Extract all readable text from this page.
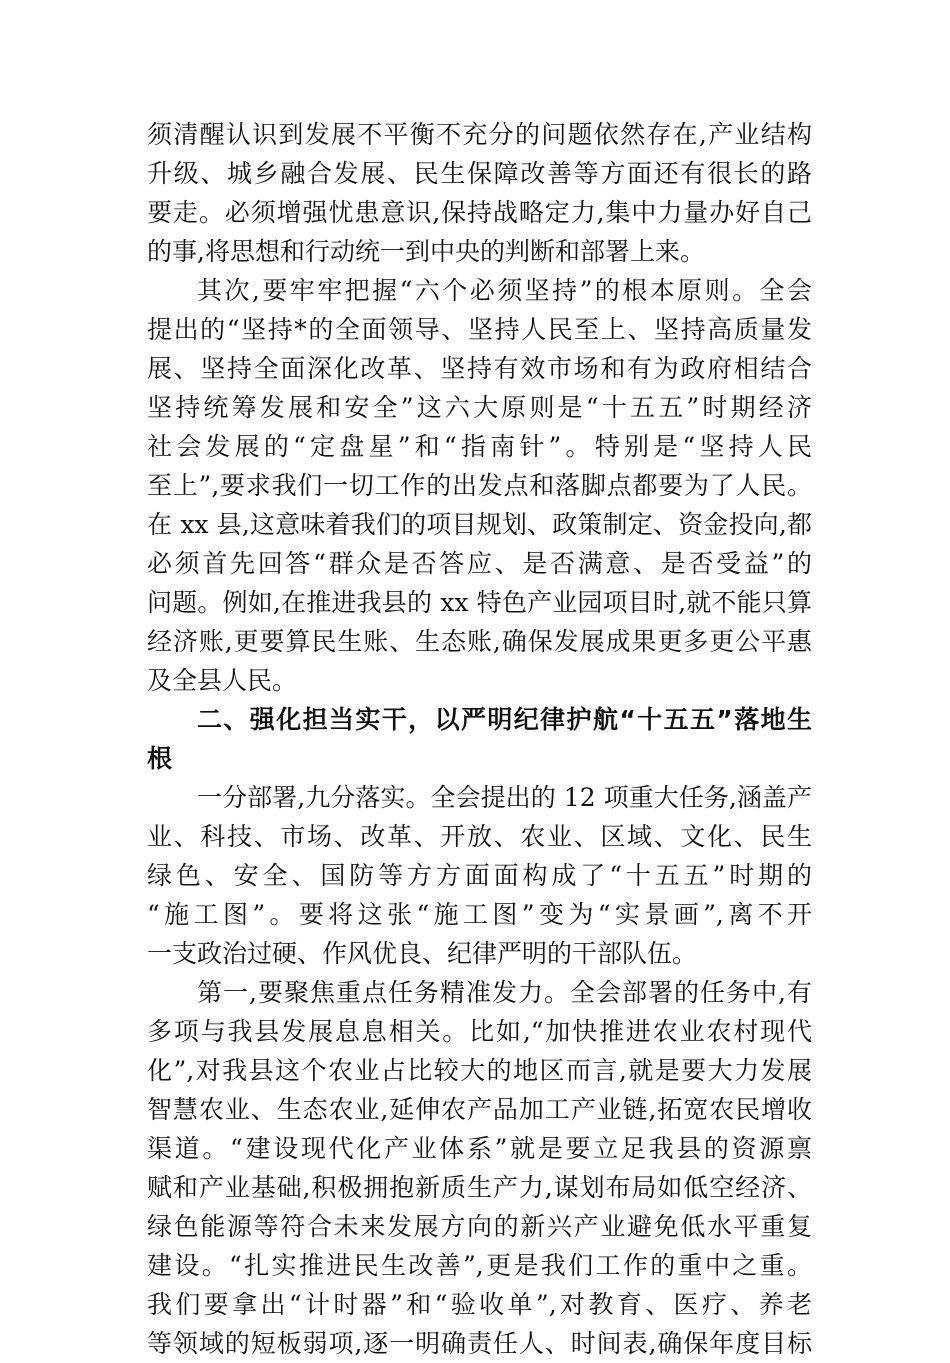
须清醒认识到发展不平衡不充分的问题依然存在,产业结构
升级、城乡融合发展、民生保障改善等方面还有很长的路
要走。必须增强忧患意识,保持战略定力,集中力量办好自己
的事,将思想和行动统一到中央的判断和部署上来。
其次,要牢牢把握“六个必须坚持”的根本原则。全会
提出的“坚持*的全面领导、坚持人民至上、坚持高质量发
展、坚持全面深化改革、坚持有效市场和有为政府相结合
坚持统筹发展和安全”这六大原则是“十五五”时期经济
社会发展的“定盘星”和“指南针”。特别是“坚持人民
至上”,要求我们一切工作的出发点和落脚点都要为了人民。
在 xx 县,这意味着我们的项目规划、政策制定、资金投向,都
必须首先回答“群众是否答应、是否满意、是否受益”的
问题。例如,在推进我县的 xx 特色产业园项目时,就不能只算
经济账,更要算民生账、生态账,确保发展成果更多更公平惠
及全县人民。
二、强化担当实干，以严明纪律护航“十五五”落地生
根
一分部署,九分落实。全会提出的 12 项重大任务,涵盖产
业、科技、市场、改革、开放、农业、区域、文化、民生
绿色、安全、国防等方方面面构成了“十五五”时期的
“施工图”。要将这张“施工图”变为“实景画”,离不开
一支政治过硬、作风优良、纪律严明的干部队伍。
第一,要聚焦重点任务精准发力。全会部署的任务中,有
多项与我县发展息息相关。比如,“加快推进农业农村现代
化”,对我县这个农业占比较大的地区而言,就是要大力发展
智慧农业、生态农业,延伸农产品加工产业链,拓宽农民增收
渠道。“建设现代化产业体系”就是要立足我县的资源禀
赋和产业基础,积极拥抱新质生产力,谋划布局如低空经济、
绿色能源等符合未来发展方向的新兴产业避免低水平重复
建设。“扎实推进民生改善”,更是我们工作的重中之重。
我们要拿出“计时器”和“验收单”,对教育、医疗、养老
等领域的短板弱项,逐一明确责任人、时间表,确保年度目标
